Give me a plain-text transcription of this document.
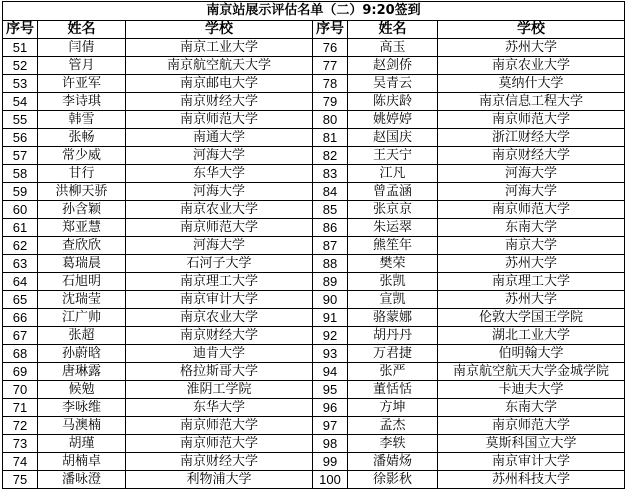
南京站展示评估名单（二）9:20签到					
序号	姓名	学校	序号	姓名	学校
51	闫倩	南京工业大学	76	高玉	苏州大学
52	管月	南京航空航天大学	77	赵剑侨	南京农业大学
53	许亚军	南京邮电大学	78	吴青云	莫纳什大学
54	李诗琪	南京财经大学	79	陈庆龄	南京信息工程大学
55	韩雪	南京师范大学	80	姚婷婷	南京师范大学
56	张畅	南通大学	81	赵国庆	浙江财经大学
57	常少威	河海大学	82	王天宁	南京财经大学
58	甘行	东华大学	83	江凡	河海大学
59	洪柳天骄	河海大学	84	曾孟涵	河海大学
60	孙含颖	南京农业大学	85	张京京	南京师范大学
61	郑亚慧	南京师范大学	86	朱运翠	东南大学
62	查欣欣	河海大学	87	熊笙年	南京大学
63	葛瑞晨	石河子大学	88	樊荣	苏州大学
64	石旭明	南京理工大学	89	张凯	南京理工大学
65	沈瑞莹	南京审计大学	90	宣凯	苏州大学
66	江广帅	南京农业大学	91	骆蒙娜	伦敦大学国王学院
67	张超	南京财经大学	92	胡丹丹	湖北工业大学
68	孙蔚晗	迪肯大学	93	万君捷	伯明翰大学
69	唐琳露	格拉斯哥大学	94	张严	南京航空航天大学金城学院
70	候勉	淮阴工学院	95	董恬恬	卡迪夫大学
71	李咏维	东华大学	96	方坤	东南大学
72	马澳楠	南京师范大学	97	孟杰	南京师范大学
73	胡瑾	南京师范大学	98	李轶	莫斯科国立大学
74	胡楠卓	南京财经大学	99	潘婧炀	南京审计大学
75	潘咏澄	利物浦大学	100	徐影秋	苏州科技大学
